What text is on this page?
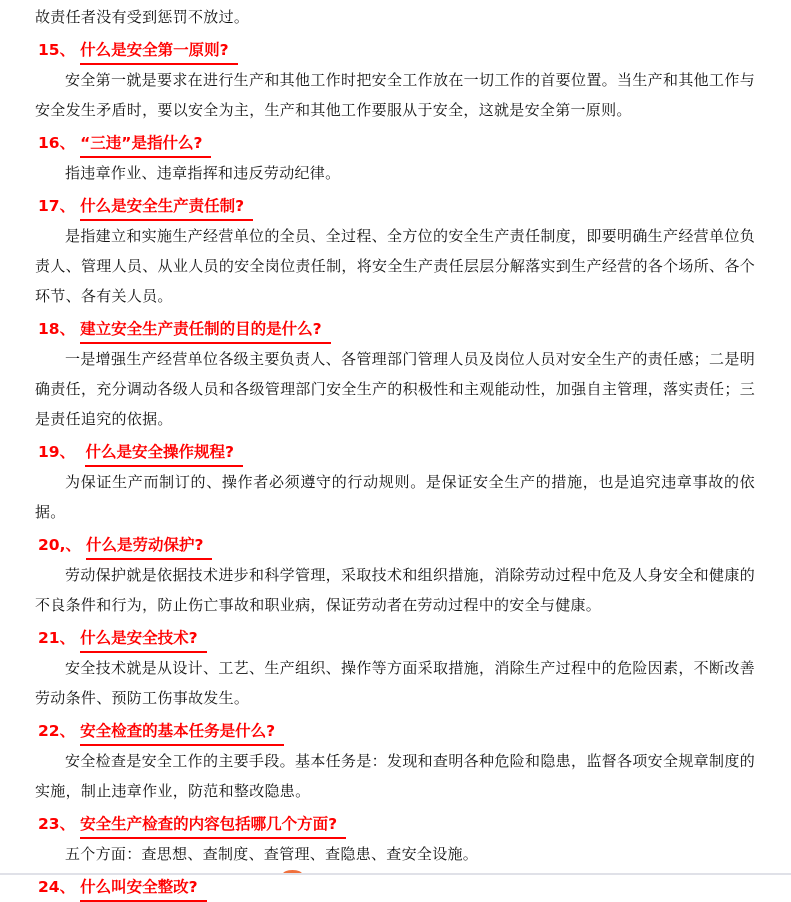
故责任者没有受到惩罚不放过。

15、 什么是安全第一原则?

安全第一就是要求在进行生产和其他工作时把安全工作放在一切工作的首要位置。当生产和其他工作与安全发生矛盾时，要以安全为主，生产和其他工作要服从于安全，这就是安全第一原则。

16、 “三违”是指什么?

指违章作业、违章指挥和违反劳动纪律。

17、 什么是安全生产责任制?

是指建立和实施生产经营单位的全员、全过程、全方位的安全生产责任制度，即要明确生产经营单位负责人、管理人员、从业人员的安全岗位责任制，将安全生产责任层层分解落实到生产经营的各个场所、各个环节、各有关人员。

18、 建立安全生产责任制的目的是什么?

一是增强生产经营单位各级主要负责人、各管理部门管理人员及岗位人员对安全生产的责任感；二是明确责任，充分调动各级人员和各级管理部门安全生产的积极性和主观能动性，加强自主管理，落实责任；三是责任追究的依据。

19、 什么是安全操作规程?

为保证生产而制订的、操作者必须遵守的行动规则。是保证安全生产的措施，也是追究违章事故的依据。

20,、 什么是劳动保护?

劳动保护就是依据技术进步和科学管理，采取技术和组织措施，消除劳动过程中危及人身安全和健康的不良条件和行为，防止伤亡事故和职业病，保证劳动者在劳动过程中的安全与健康。

21、 什么是安全技术?

安全技术就是从设计、工艺、生产组织、操作等方面采取措施，消除生产过程中的危险因素，不断改善劳动条件、预防工伤事故发生。

22、 安全检查的基本任务是什么?

安全检查是安全工作的主要手段。基本任务是：发现和查明各种危险和隐患，监督各项安全规章制度的实施，制止违章作业，防范和整改隐患。

23、 安全生产检查的内容包括哪几个方面?

五个方面：查思想、查制度、查管理、查隐患、查安全设施。

24、 什么叫安全整改?
